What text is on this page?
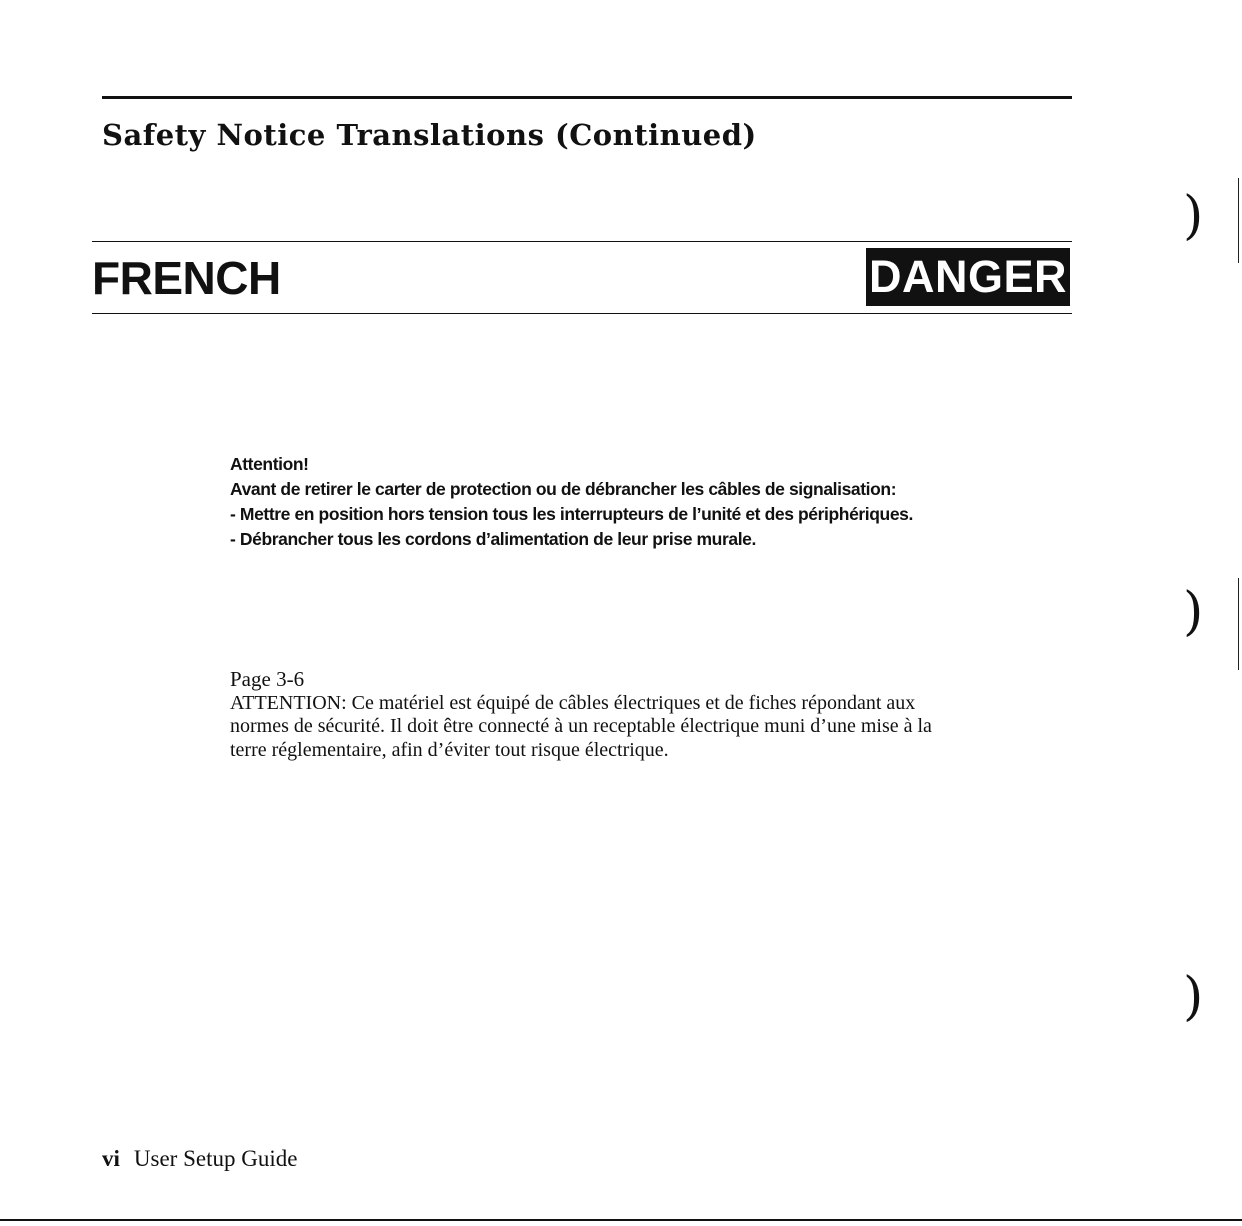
Safety Notice Translations (Continued)
FRENCH	DANGER
Attention!
Avant de retirer le carter de protection ou de débrancher les câbles de signalisation:
- Mettre en position hors tension tous les interrupteurs de l’unité et des périphériques.
- Débrancher tous les cordons d’alimentation de leur prise murale.
Page 3-6
ATTENTION: Ce matériel est équipé de câbles électriques et de fiches répondant aux
normes de sécurité. Il doit être connecté à un receptable électrique muni d’une mise à la
terre réglementaire, afin d’éviter tout risque électrique.
vi User Setup Guide
)
)
)
